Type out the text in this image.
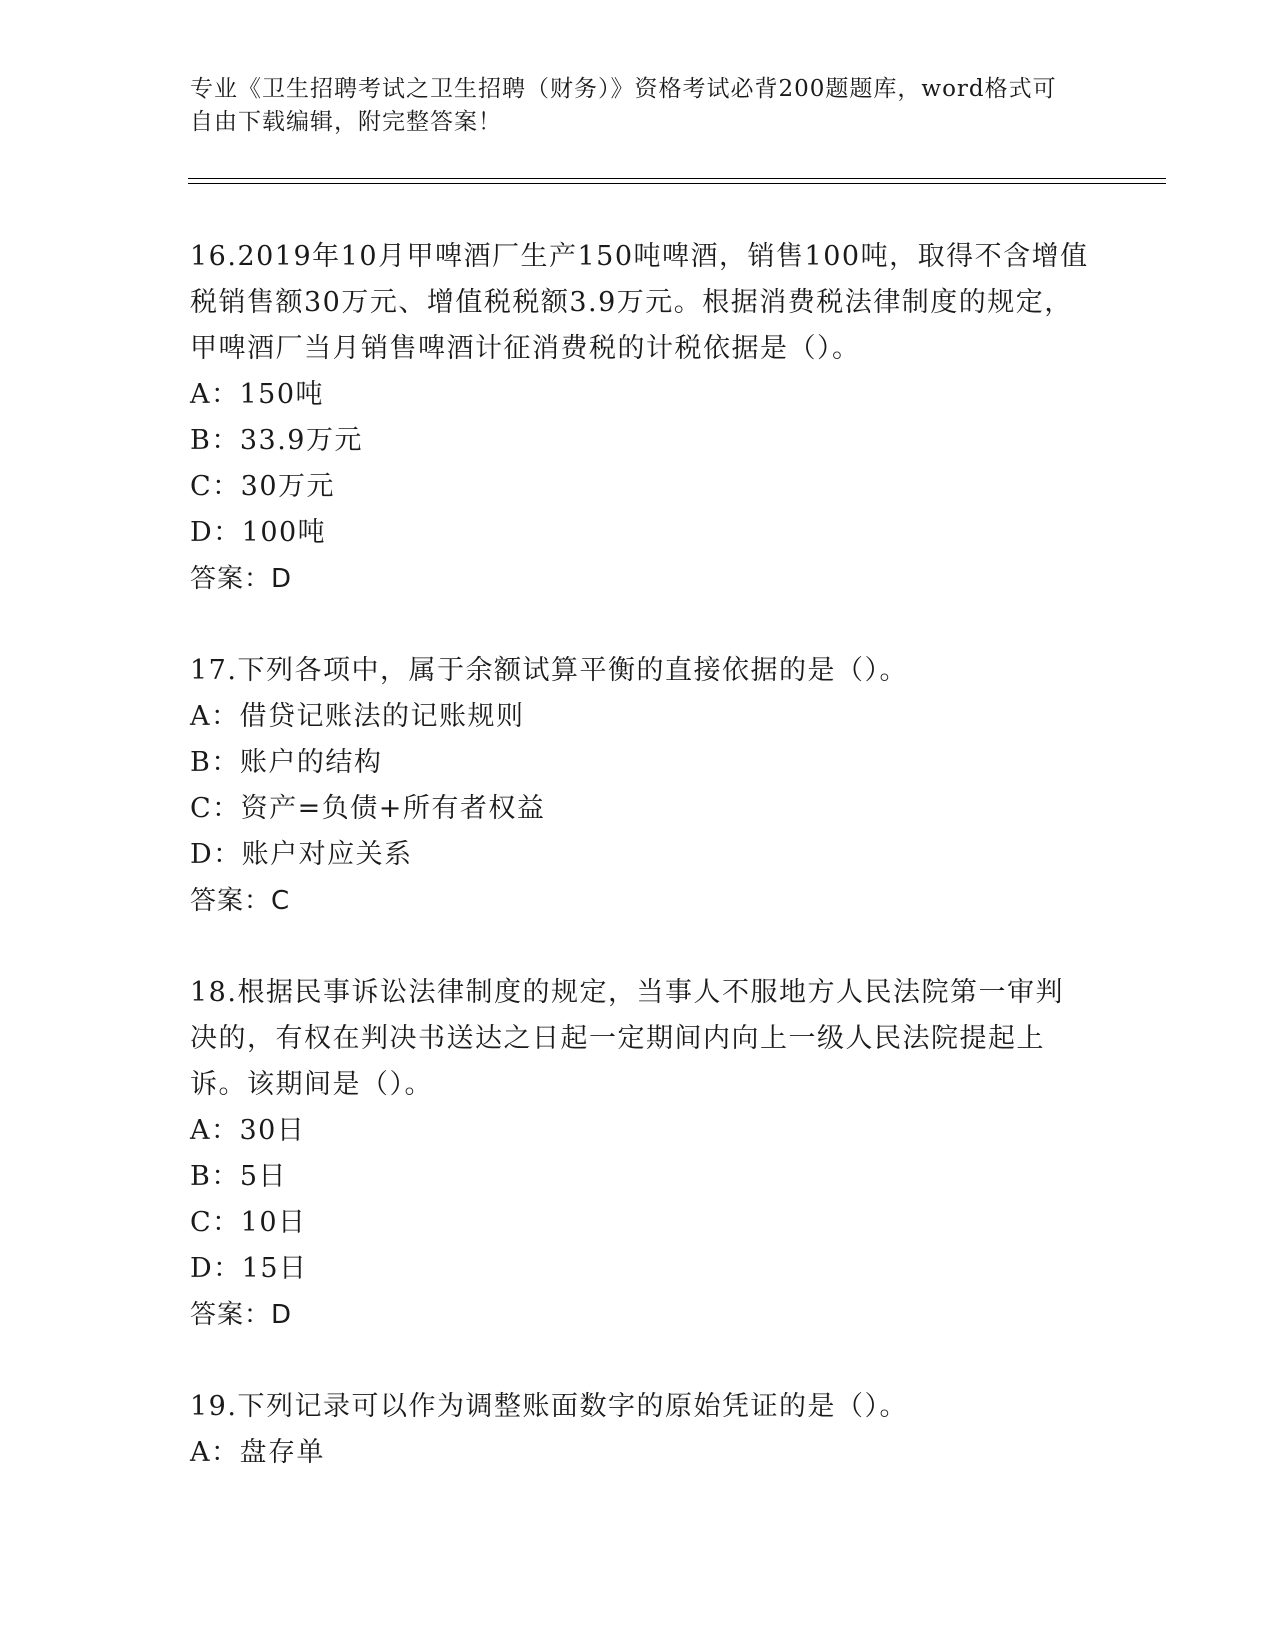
专业《卫生招聘考试之卫生招聘（财务）》资格考试必背200题题库，word格式可自由下载编辑，附完整答案！

16.2019年10月甲啤酒厂生产150吨啤酒，销售100吨，取得不含增值税销售额30万元、增值税税额3.9万元。根据消费税法律制度的规定，甲啤酒厂当月销售啤酒计征消费税的计税依据是（）。

A：150吨

B：33.9万元

C：30万元

D：100吨

答案：D

17.下列各项中，属于余额试算平衡的直接依据的是（）。

A：借贷记账法的记账规则

B：账户的结构

C：资产=负债+所有者权益

D：账户对应关系

答案：C

18.根据民事诉讼法律制度的规定，当事人不服地方人民法院第一审判决的，有权在判决书送达之日起一定期间内向上一级人民法院提起上诉。该期间是（）。

A：30日

B：5日

C：10日

D：15日

答案：D

19.下列记录可以作为调整账面数字的原始凭证的是（）。

A：盘存单
